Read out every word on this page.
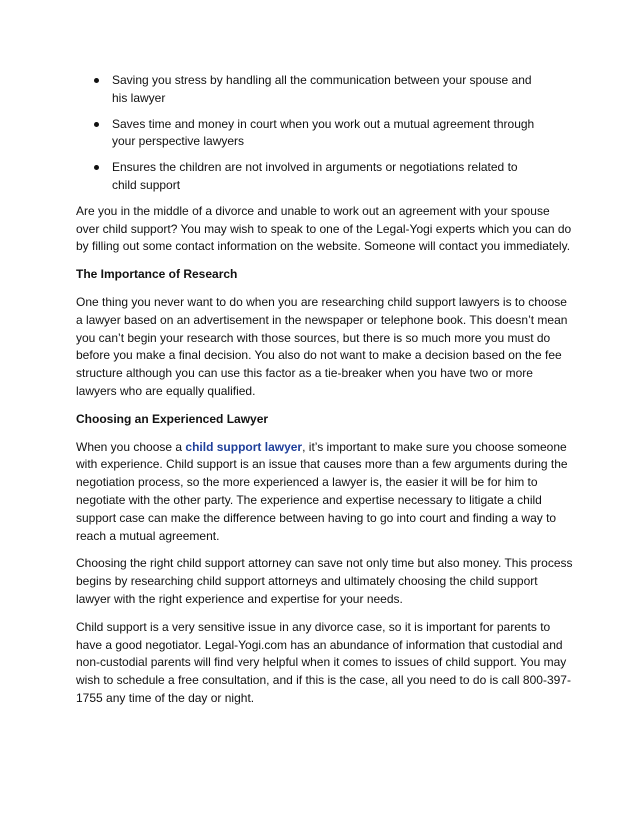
Saving you stress by handling all the communication between your spouse and his lawyer
Saves time and money in court when you work out a mutual agreement through your perspective lawyers
Ensures the children are not involved in arguments or negotiations related to child support

Are you in the middle of a divorce and unable to work out an agreement with your spouse over child support? You may wish to speak to one of the Legal-Yogi experts which you can do by filling out some contact information on the website. Someone will contact you immediately.

The Importance of Research

One thing you never want to do when you are researching child support lawyers is to choose a lawyer based on an advertisement in the newspaper or telephone book. This doesn’t mean you can’t begin your research with those sources, but there is so much more you must do before you make a final decision. You also do not want to make a decision based on the fee structure although you can use this factor as a tie-breaker when you have two or more lawyers who are equally qualified.

Choosing an Experienced Lawyer

When you choose a child support lawyer, it’s important to make sure you choose someone with experience. Child support is an issue that causes more than a few arguments during the negotiation process, so the more experienced a lawyer is, the easier it will be for him to negotiate with the other party. The experience and expertise necessary to litigate a child support case can make the difference between having to go into court and finding a way to reach a mutual agreement.

Choosing the right child support attorney can save not only time but also money. This process begins by researching child support attorneys and ultimately choosing the child support lawyer with the right experience and expertise for your needs.

Child support is a very sensitive issue in any divorce case, so it is important for parents to have a good negotiator. Legal-Yogi.com has an abundance of information that custodial and non-custodial parents will find very helpful when it comes to issues of child support. You may wish to schedule a free consultation, and if this is the case, all you need to do is call 800-397-1755 any time of the day or night.
